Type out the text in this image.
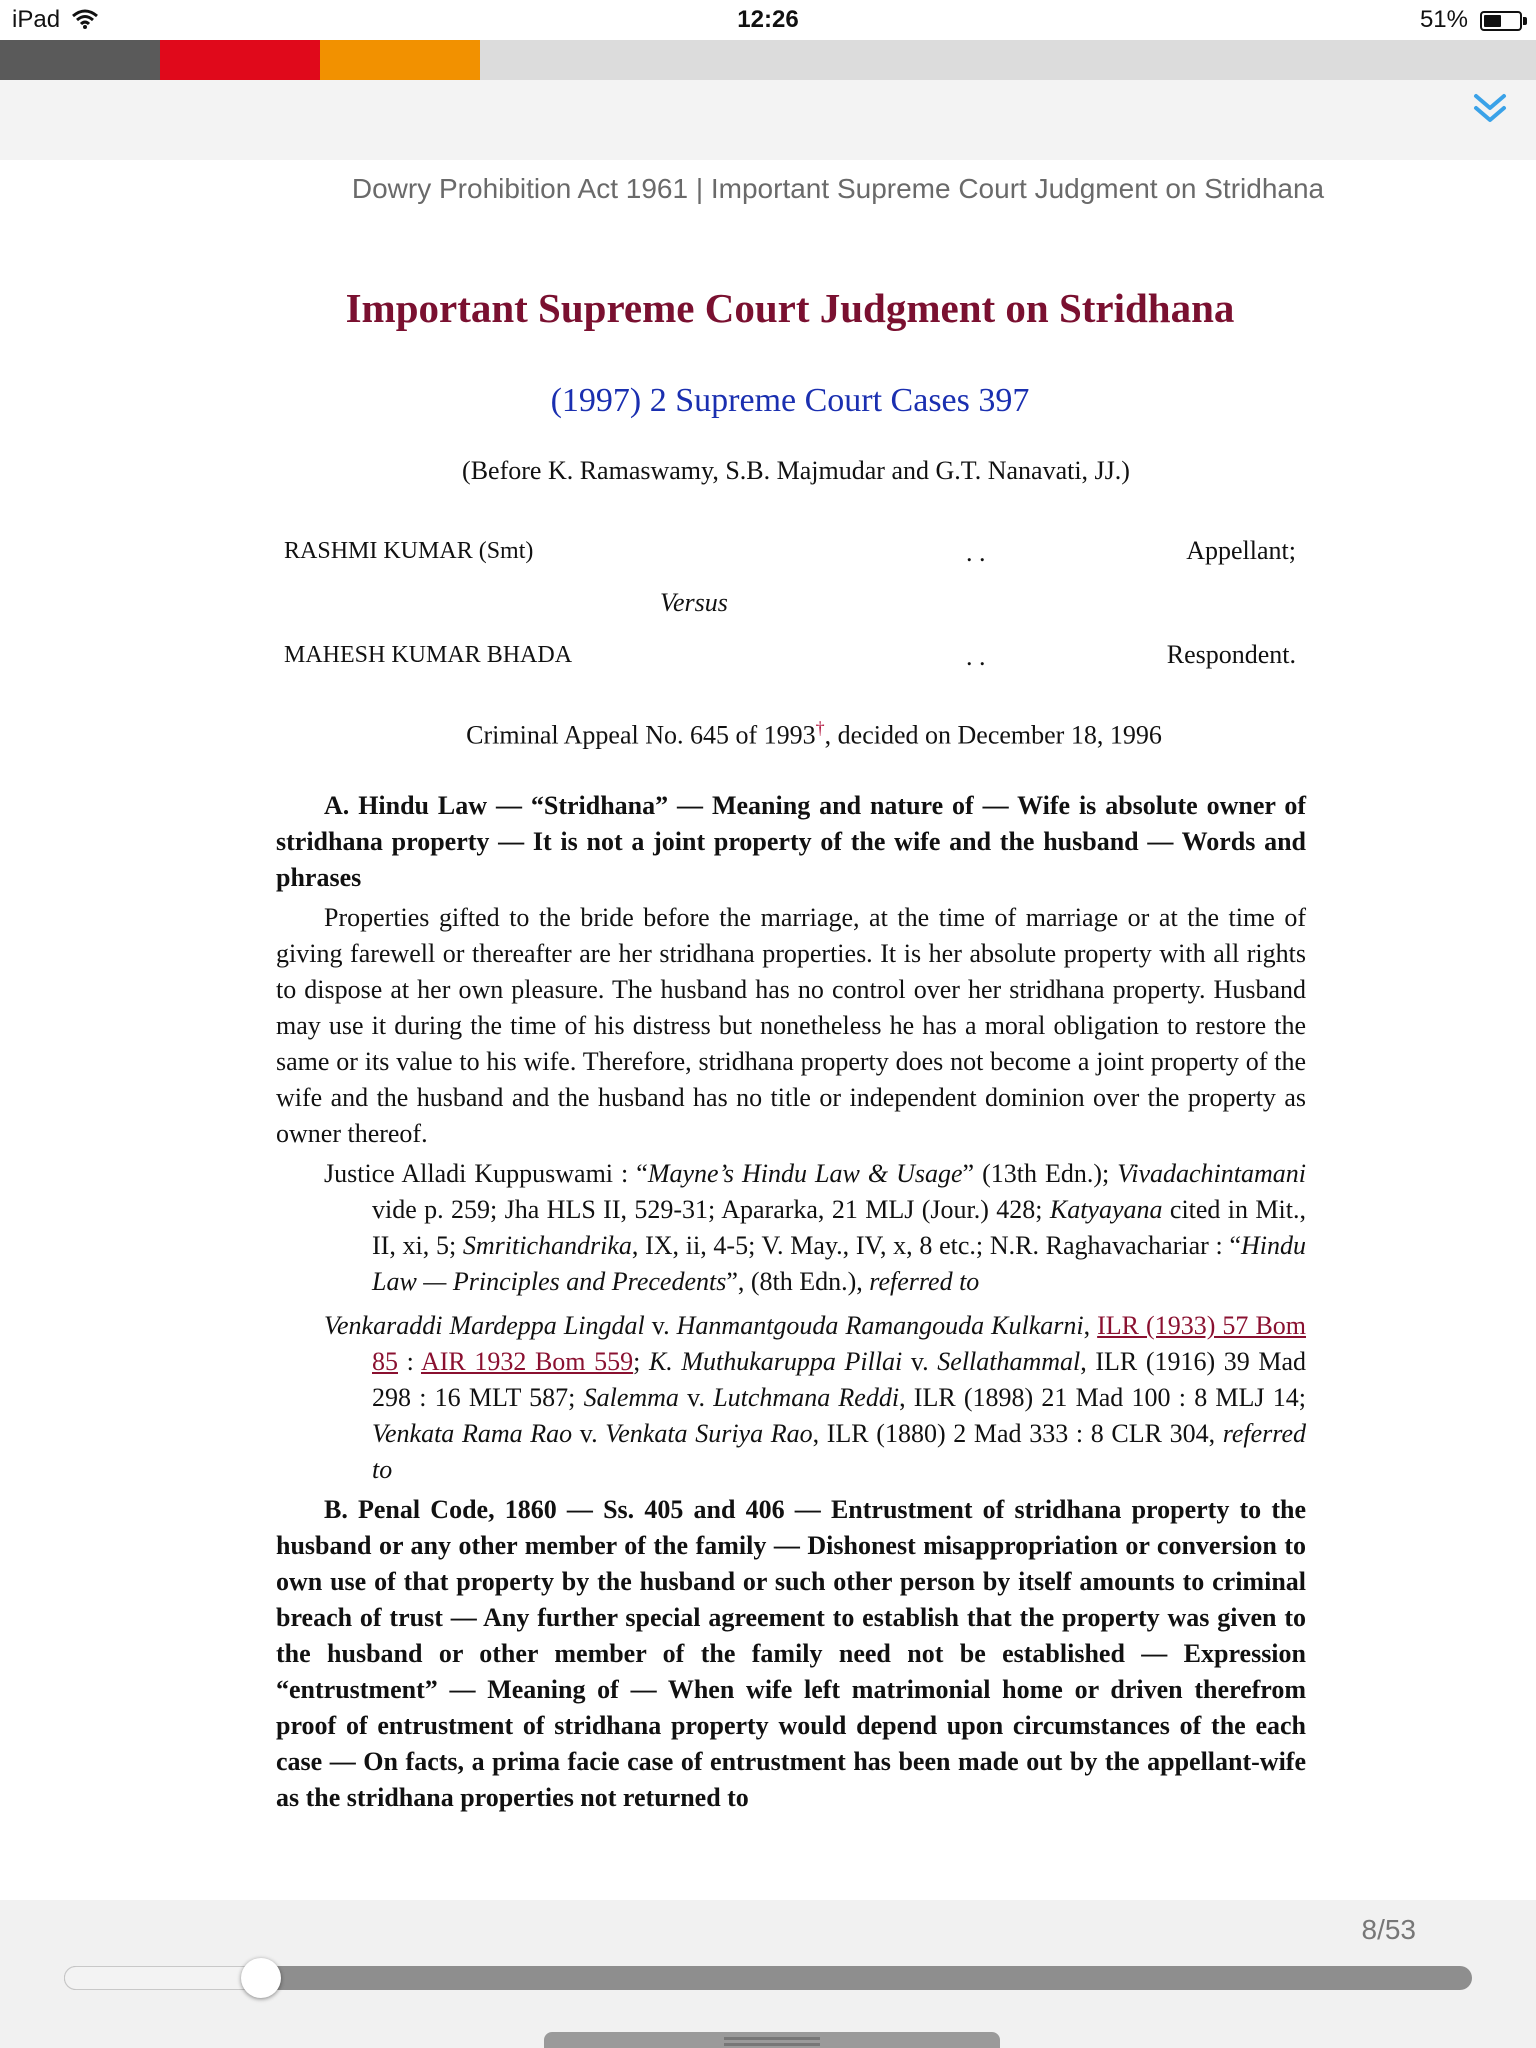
iPad	12:26	51%
Dowry Prohibition Act 1961 | Important Supreme Court Judgment on Stridhana
Important Supreme Court Judgment on Stridhana
(1997) 2 Supreme Court Cases 397
(Before K. Ramaswamy, S.B. Majmudar and G.T. Nanavati, JJ.)
RASHMI KUMAR (Smt)	. .	Appellant;
Versus
MAHESH KUMAR BHADA	. .	Respondent.
Criminal Appeal No. 645 of 1993†, decided on December 18, 1996

A. Hindu Law — “Stridhana” — Meaning and nature of — Wife is absolute owner of stridhana property — It is not a joint property of the wife and the husband — Words and phrases

Properties gifted to the bride before the marriage, at the time of marriage or at the time of giving farewell or thereafter are her stridhana properties. It is her absolute property with all rights to dispose at her own pleasure. The husband has no control over her stridhana property. Husband may use it during the time of his distress but nonetheless he has a moral obligation to restore the same or its value to his wife. Therefore, stridhana property does not become a joint property of the wife and the husband and the husband has no title or independent dominion over the property as owner thereof.

Justice Alladi Kuppuswami : “Mayne’s Hindu Law & Usage” (13th Edn.); Vivadachintamani vide p. 259; Jha HLS II, 529-31; Apararka, 21 MLJ (Jour.) 428; Katyayana cited in Mit., II, xi, 5; Smritichandrika, IX, ii, 4-5; V. May., IV, x, 8 etc.; N.R. Raghavachariar : “Hindu Law — Principles and Precedents”, (8th Edn.), referred to

Venkaraddi Mardeppa Lingdal v. Hanmantgouda Ramangouda Kulkarni, ILR (1933) 57 Bom 85 : AIR 1932 Bom 559; K. Muthukaruppa Pillai v. Sellathammal, ILR (1916) 39 Mad 298 : 16 MLT 587; Salemma v. Lutchmana Reddi, ILR (1898) 21 Mad 100 : 8 MLJ 14; Venkata Rama Rao v. Venkata Suriya Rao, ILR (1880) 2 Mad 333 : 8 CLR 304, referred to

B. Penal Code, 1860 — Ss. 405 and 406 — Entrustment of stridhana property to the husband or any other member of the family — Dishonest misappropriation or conversion to own use of that property by the husband or such other person by itself amounts to criminal breach of trust — Any further special agreement to establish that the property was given to the husband or other member of the family need not be established — Expression “entrustment” — Meaning of — When wife left matrimonial home or driven therefrom proof of entrustment of stridhana property would depend upon circumstances of the each case — On facts, a prima facie case of entrustment has been made out by the appellant-wife as the stridhana properties not returned to

8/53
